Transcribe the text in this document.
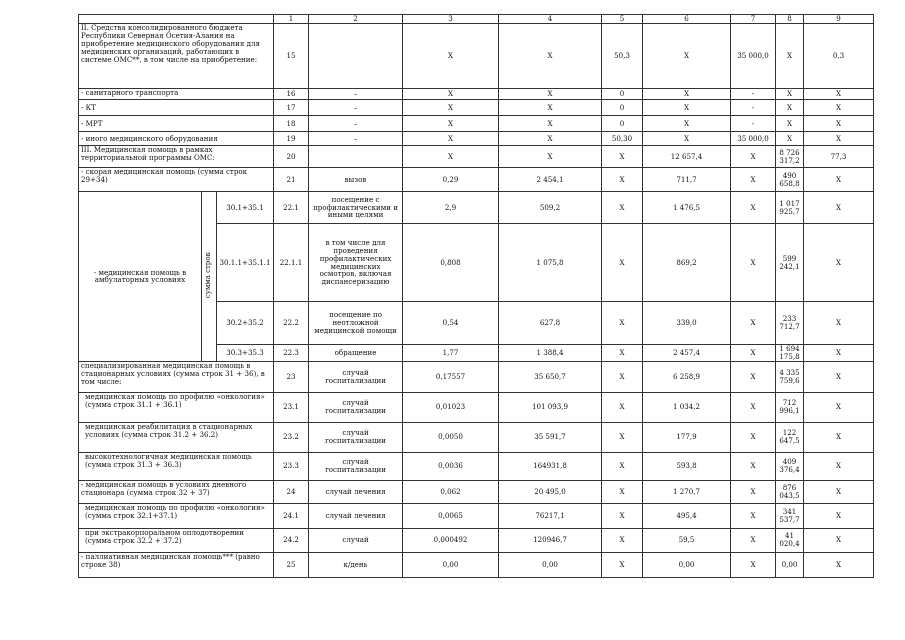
			1	2	3	4	5	6	7	8	9
II. Средства консолидированного бюджета Республики Северная Осетия-Алания на приобретение медицинского оборудования для медицинских организаций, работающих в системе ОМС**, в том числе на приобретение:			15		X	X	50,3	X	35 000,0	X	0,3
- санитарного транспорта			16	–	X	X	0	X	-	X	X
- КТ			17	–	X	X	0	X	-	X	X
- МРТ			18	–	X	X	0	X	-	X	X
- иного медицинского оборудования			19	–	X	X	50,30	X	35 000,0	X	X
III. Медицинская помощь в рамках территориальной программы ОМС:			20		X	X	X	12 657,4	X	8 726 317,2	77,3
- скорая медицинская помощь (сумма строк 29+34)			21	вызов	0,29	2 454,1	X	711,7	X	490 658,8	X
- медицинская помощь в амбулаторных условиях	сумма строк	30.1+35.1	22.1	посещение с профилактическими и иными целями	2,9	509,2	X	1 476,5	X	1 017 925,7	X
		30.1.1+35.1.1	22.1.1	в том числе для проведения профилактических медицинских осмотров, включая диспансеризацию	0,808	1 075,8	X	869,2	X	599 242,1	X
		30.2+35.2	22.2	посещение по неотложной медицинской помощи	0,54	627,8	X	339,0	X	233 712,7	X
		30.3+35.3	22.3	обращение	1,77	1 388,4	X	2 457,4	X	1 694 175,8	X
специализированная медицинская помощь в стационарных условиях (сумма строк 31 + 36), в том числе:			23	случай госпитализации	0,17557	35 650,7	X	6 258,9	X	4 335 759,6	X
медицинская помощь по профилю «онкология» (сумма строк 31.1 + 36.1)			23.1	случай госпитализации	0,01023	101 093,9	X	1 034,2	X	712 996,1	X
медицинская реабилитация в стационарных условиях (сумма строк 31.2 + 36.2)			23.2	случай госпитализации	0,0050	35 591,7	X	177,9	X	122 647,5	X
высокотехнологичная медицинская помощь (сумма строк 31.3 + 36.3)			23.3	случай госпитализации	0,0036	164931,8	X	593,8	X	409 376,4	X
- медицинская помощь в условиях дневного стационара (сумма строк 32 + 37)			24	случай лечения	0,062	20 495,0	X	1 270,7	X	876 043,5	X
медицинская помощь по профилю «онкология» (сумма строк 32.1+37.1)			24.1	случай лечения	0,0065	76217,1	X	495,4	X	341 537,7	X
при экстракорпоральном оплодотворении (сумма строк 32.2 + 37.2)			24.2	случай	0,000492	120946,7	X	59,5	X	41 020,4	X
- паллиативная медицинская помощь*** (равно строке 38)			25	к/день	0,00	0,00	X	0,00	X	0,00	X
